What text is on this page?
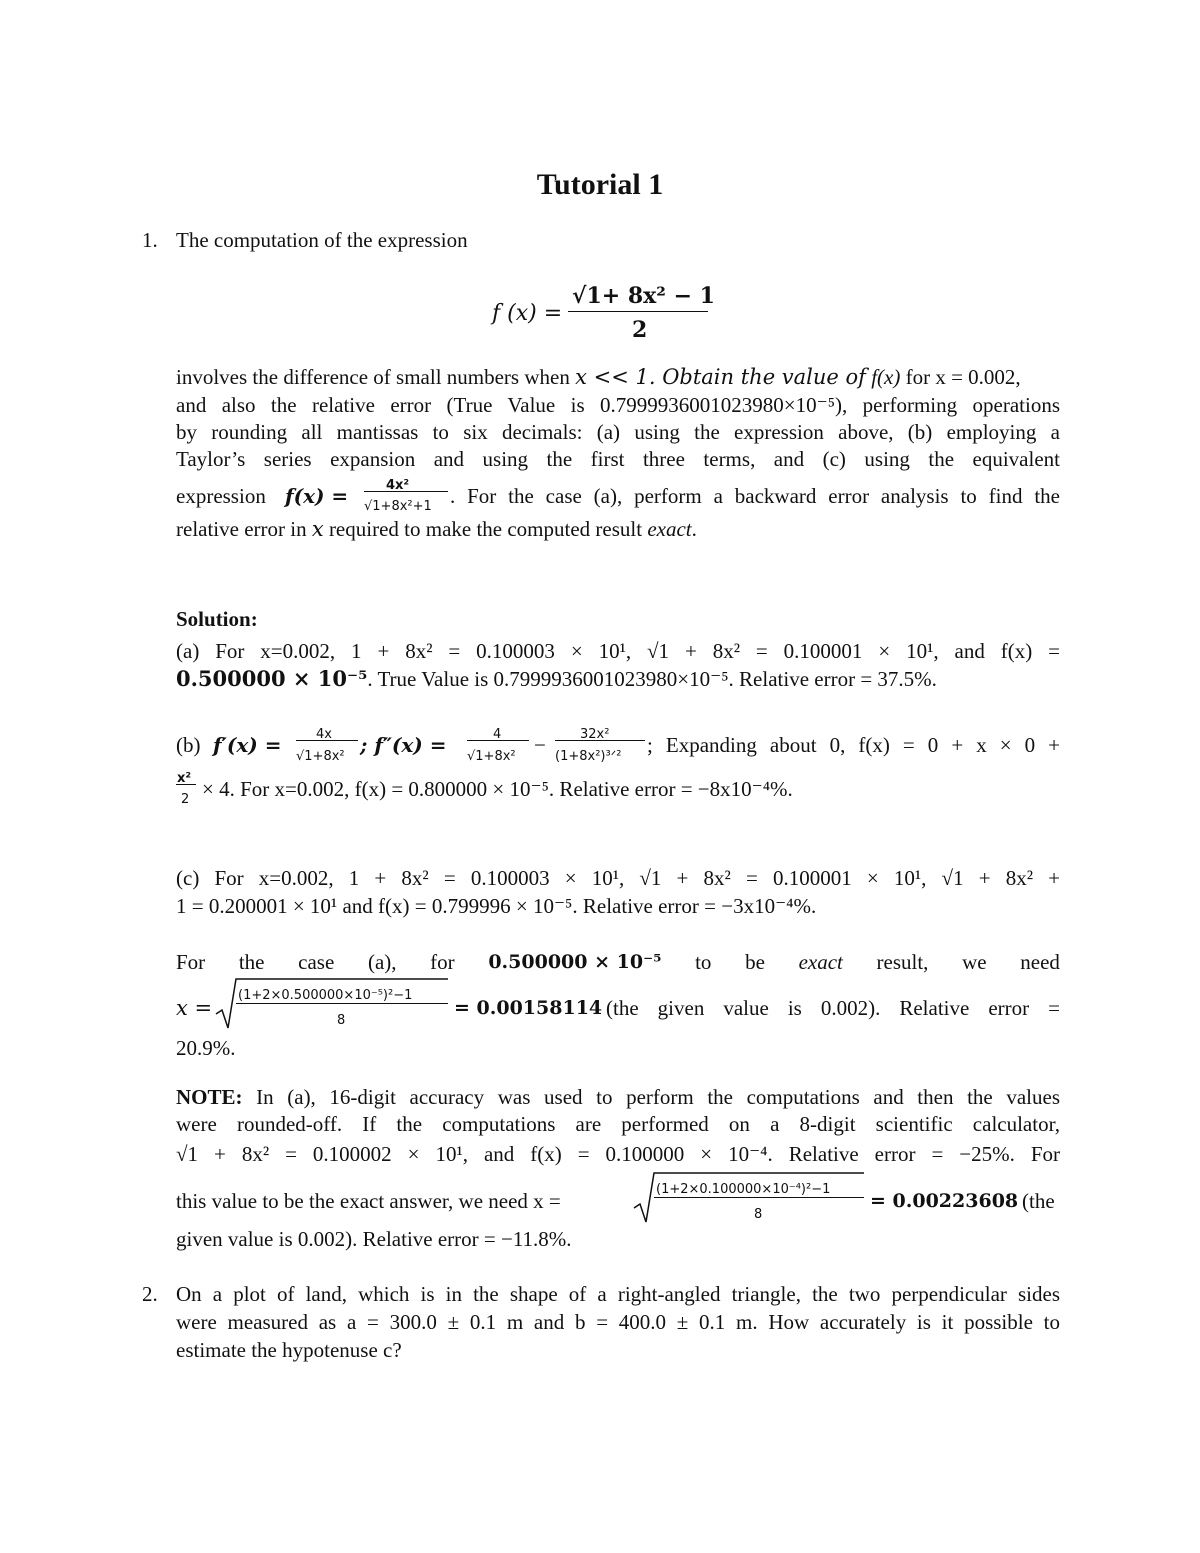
Tutorial 1
1. The computation of the expression
f (x) =
√1+ 8x² − 1
2
involves the difference of small numbers when x << 1. Obtain the value of f(x) for x = 0.002,
and also the relative error (True Value is 0.7999936001023980×10⁻⁵), performing operations
by rounding all mantissas to six decimals: (a) using the expression above, (b) employing a
Taylor’s series expansion and using the first three terms, and (c) using the equivalent
expression f(x) =	4x²
√1+8x²+1 . For the case (a), perform a backward error analysis to find the
relative error in x required to make the computed result exact.
Solution:
(a) For x=0.002, 1 + 8x² = 0.100003 × 10¹, √1 + 8x² = 0.100001 × 10¹, and f(x) =
0.500000 × 10⁻⁵. True Value is 0.7999936001023980×10⁻⁵. Relative error = 37.5%.
(b) f′(x) =	4x
√1+8x² ; f″(x) =	4
√1+8x² −	32x²
(1+8x²)³ᐟ² ; Expanding about 0, f(x) = 0 + x × 0 +
x²
2 × 4. For x=0.002, f(x) = 0.800000 × 10⁻⁵. Relative error = −8x10⁻⁴%.
(c) For x=0.002, 1 + 8x² = 0.100003 × 10¹, √1 + 8x² = 0.100001 × 10¹, √1 + 8x² +
1 = 0.200001 × 10¹ and f(x) = 0.799996 × 10⁻⁵. Relative error = −3x10⁻⁴%.
For the case (a), for 0.500000 × 10⁻⁵ to be exact result, we need
x =
(1+2×0.500000×10⁻⁵)²−1
8
= 0.00158114 (the given value is 0.002). Relative error =
20.9%.
NOTE: In (a), 16-digit accuracy was used to perform the computations and then the values
were rounded-off. If the computations are performed on a 8-digit scientific calculator,
√1 + 8x² = 0.100002 × 10¹, and f(x) = 0.100000 × 10⁻⁴. Relative error = −25%. For
this value to be the exact answer, we need x =	(1+2×0.100000×10⁻⁴)²−1
8
= 0.00223608 (the
given value is 0.002). Relative error = −11.8%.
2. On a plot of land, which is in the shape of a right-angled triangle, the two perpendicular sides
were measured as a = 300.0 ± 0.1 m and b = 400.0 ± 0.1 m. How accurately is it possible to
estimate the hypotenuse c?
